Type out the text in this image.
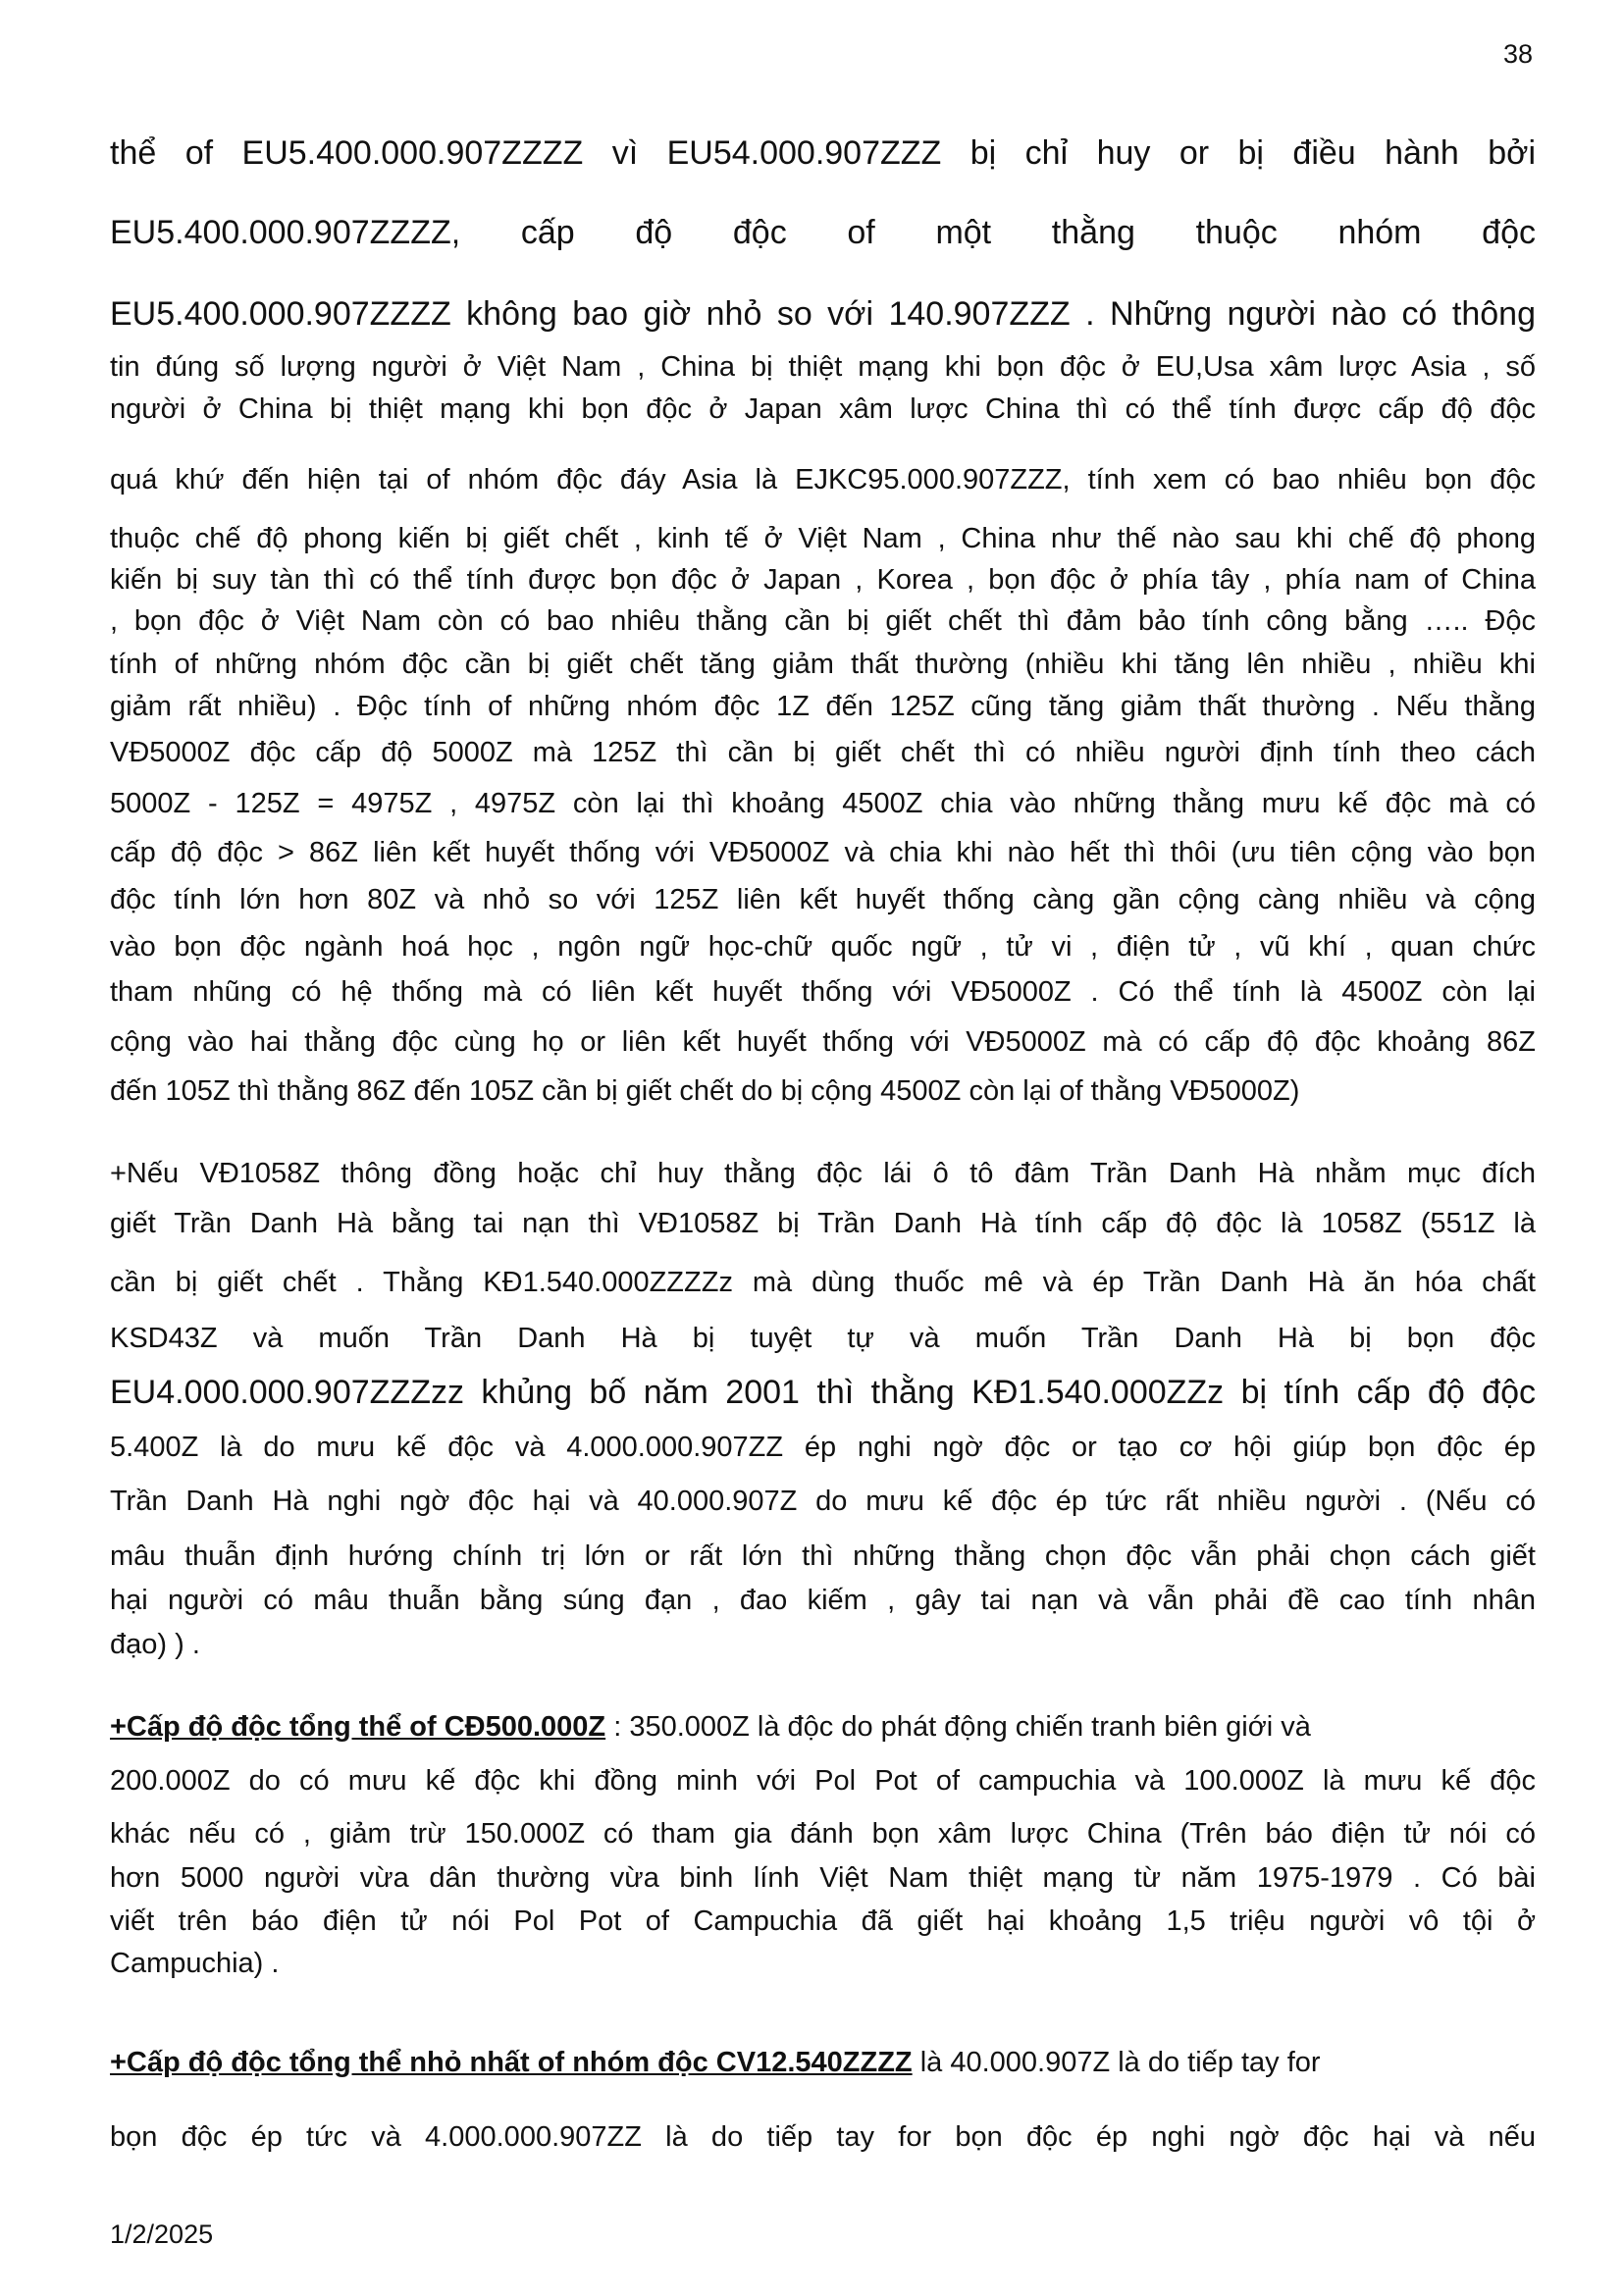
38
thể of EU5.400.000.907ZZZZ vì EU54.000.907ZZZ bị chỉ huy or bị điều hành bởi
EU5.400.000.907ZZZZ, cấp độ độc of một thằng thuộc nhóm độc
EU5.400.000.907ZZZZ không bao giờ nhỏ so với 140.907ZZZ . Những người nào có thông
tin đúng số lượng người ở Việt Nam , China bị thiệt mạng khi bọn độc ở EU,Usa xâm lược Asia , số
người ở China bị thiệt mạng khi bọn độc ở Japan xâm lược China thì có thể tính được cấp độ độc
quá khứ đến hiện tại of nhóm độc đáy Asia là EJKC95.000.907ZZZ, tính xem có bao nhiêu bọn độc
thuộc chế độ phong kiến bị giết chết , kinh tế ở Việt Nam , China như thế nào sau khi chế độ phong
kiến bị suy tàn thì có thể tính được bọn độc ở Japan , Korea , bọn độc ở phía tây , phía nam of China
, bọn độc ở Việt Nam còn có bao nhiêu thằng cần bị giết chết thì đảm bảo tính công bằng ….. Độc
tính of những nhóm độc cần bị giết chết tăng giảm thất thường (nhiều khi tăng lên nhiều , nhiều khi
giảm rất nhiều) . Độc tính of những nhóm độc 1Z đến 125Z cũng tăng giảm thất thường . Nếu thằng
VĐ5000Z độc cấp độ 5000Z mà 125Z thì cần bị giết chết thì có nhiều người định tính theo cách
5000Z - 125Z = 4975Z , 4975Z còn lại thì khoảng 4500Z chia vào những thằng mưu kế độc mà có
cấp độ độc > 86Z liên kết huyết thống với VĐ5000Z và chia khi nào hết thì thôi (ưu tiên cộng vào bọn
độc tính lớn hơn 80Z và nhỏ so với 125Z liên kết huyết thống càng gần cộng càng nhiều và cộng
vào bọn độc ngành hoá học , ngôn ngữ học-chữ quốc ngữ , tử vi , điện tử , vũ khí , quan chức
tham nhũng có hệ thống mà có liên kết huyết thống với VĐ5000Z . Có thể tính là 4500Z còn lại
cộng vào hai thằng độc cùng họ or liên kết huyết thống với VĐ5000Z mà có cấp độ độc khoảng 86Z
đến 105Z thì thằng 86Z đến 105Z cần bị giết chết do bị cộng 4500Z còn lại of thằng VĐ5000Z)
+Nếu VĐ1058Z thông đồng hoặc chỉ huy thằng độc lái ô tô đâm Trần Danh Hà nhằm mục đích
giết Trần Danh Hà bằng tai nạn thì VĐ1058Z bị Trần Danh Hà tính cấp độ độc là 1058Z (551Z là
cần bị giết chết . Thằng KĐ1.540.000ZZZZz mà dùng thuốc mê và ép Trần Danh Hà ăn hóa chất
KSD43Z và muốn Trần Danh Hà bị tuyệt tự và muốn Trần Danh Hà bị bọn độc
EU4.000.000.907ZZZzz khủng bố năm 2001 thì thằng KĐ1.540.000ZZz bị tính cấp độ độc
5.400Z là do mưu kế độc và 4.000.000.907ZZ ép nghi ngờ độc or tạo cơ hội giúp bọn độc ép
Trần Danh Hà nghi ngờ độc hại và 40.000.907Z do mưu kế độc ép tức rất nhiều người . (Nếu có
mâu thuẫn định hướng chính trị lớn or rất lớn thì những thằng chọn độc vẫn phải chọn cách giết
hại người có mâu thuẫn bằng súng đạn , đao kiếm , gây tai nạn và vẫn phải đề cao tính nhân
đạo) ) .
+Cấp độ độc tổng thể of CĐ500.000Z : 350.000Z là độc do phát động chiến tranh biên giới và
200.000Z do có mưu kế độc khi đồng minh với Pol Pot of campuchia và 100.000Z là mưu kế độc
khác nếu có , giảm trừ 150.000Z có tham gia đánh bọn xâm lược China (Trên báo điện tử nói có
hơn 5000 người vừa dân thường vừa binh lính Việt Nam thiệt mạng từ năm 1975-1979 . Có bài
viết trên báo điện tử nói Pol Pot of Campuchia đã giết hại khoảng 1,5 triệu người vô tội ở
Campuchia) .
+Cấp độ độc tổng thể nhỏ nhất of nhóm độc CV12.540ZZZZ là 40.000.907Z là do tiếp tay for
bọn độc ép tức và 4.000.000.907ZZ là do tiếp tay for bọn độc ép nghi ngờ độc hại và nếu
1/2/2025
